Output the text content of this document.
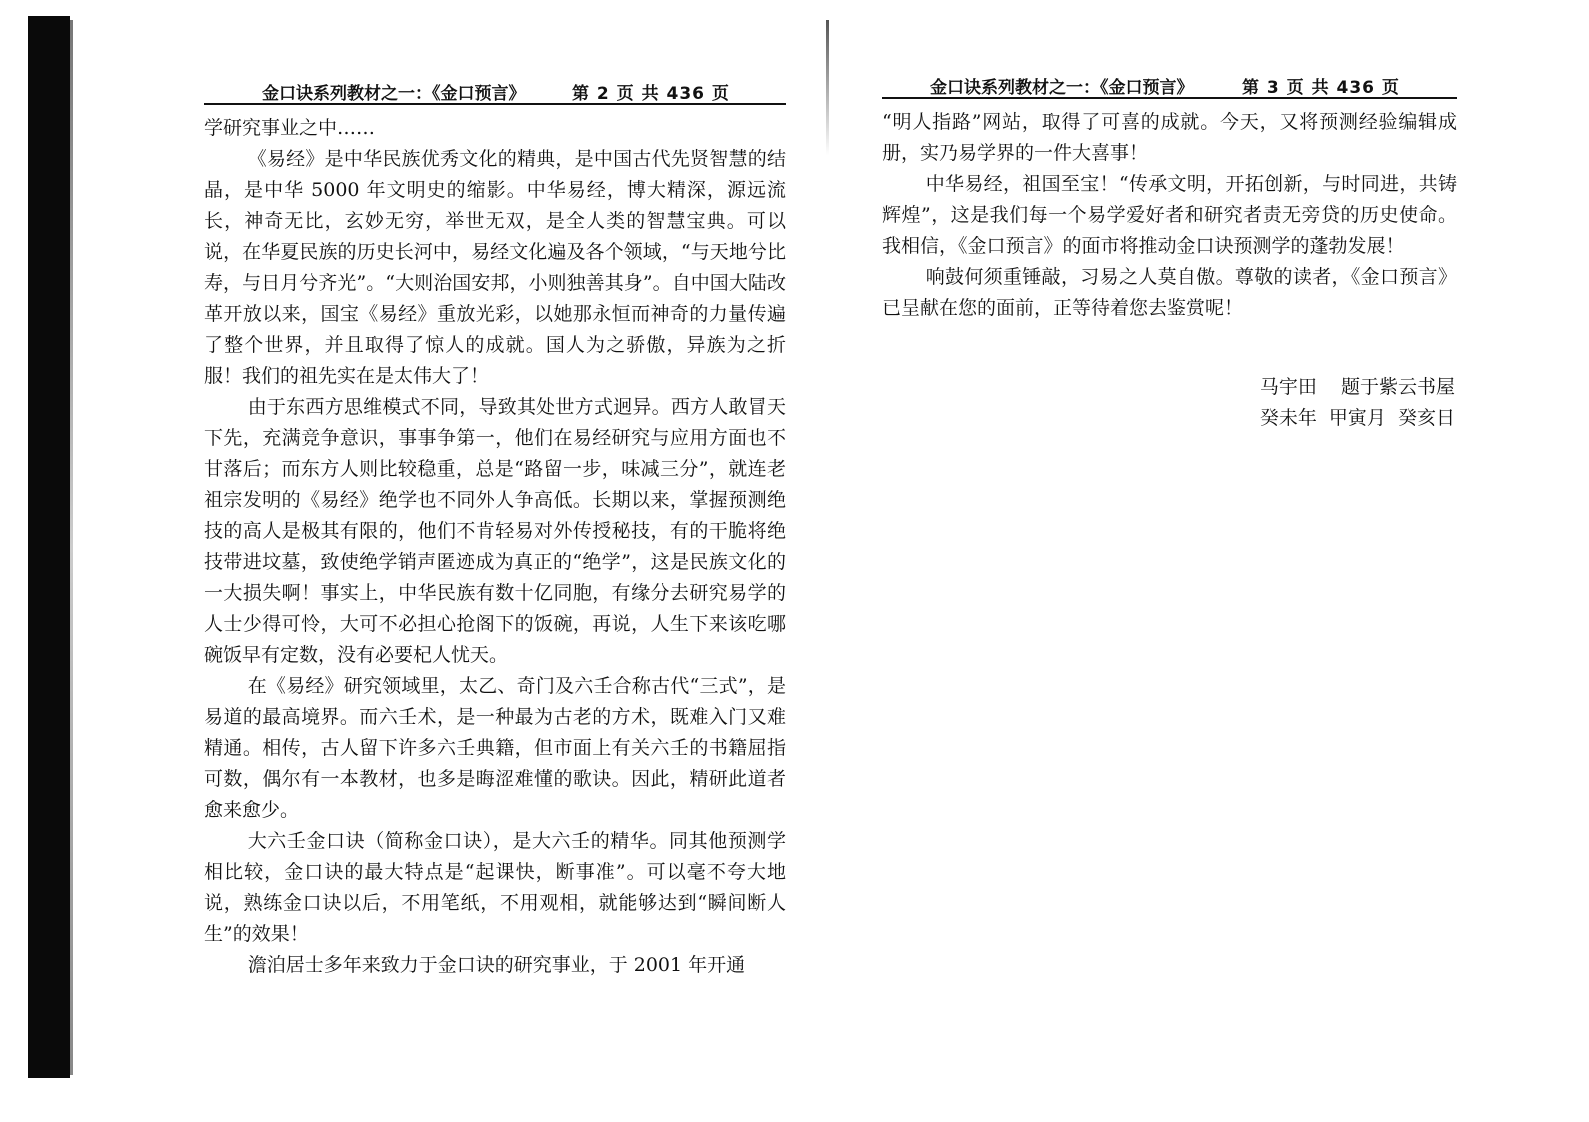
金口诀系列教材之一：《金口预言》	第 2 页 共 436 页

学研究事业之中……

《易经》是中华民族优秀文化的精典，是中国古代先贤智慧的结晶，是中华 5000 年文明史的缩影。中华易经，博大精深，源远流长，神奇无比，玄妙无穷，举世无双，是全人类的智慧宝典。可以说，在华夏民族的历史长河中，易经文化遍及各个领域，“与天地兮比寿，与日月兮齐光”。“大则治国安邦，小则独善其身”。自中国大陆改革开放以来，国宝《易经》重放光彩，以她那永恒而神奇的力量传遍了整个世界，并且取得了惊人的成就。国人为之骄傲，异族为之折服！我们的祖先实在是太伟大了！

由于东西方思维模式不同，导致其处世方式迥异。西方人敢冒天下先，充满竞争意识，事事争第一，他们在易经研究与应用方面也不甘落后；而东方人则比较稳重，总是“路留一步，味减三分”，就连老祖宗发明的《易经》绝学也不同外人争高低。长期以来，掌握预测绝技的高人是极其有限的，他们不肯轻易对外传授秘技，有的干脆将绝技带进坟墓，致使绝学销声匿迹成为真正的“绝学”，这是民族文化的一大损失啊！事实上，中华民族有数十亿同胞，有缘分去研究易学的人士少得可怜，大可不必担心抢阁下的饭碗，再说，人生下来该吃哪碗饭早有定数，没有必要杞人忧天。

在《易经》研究领域里，太乙、奇门及六壬合称古代“三式”，是易道的最高境界。而六壬术，是一种最为古老的方术，既难入门又难精通。相传，古人留下许多六壬典籍，但市面上有关六壬的书籍屈指可数，偶尔有一本教材，也多是晦涩难懂的歌诀。因此，精研此道者愈来愈少。

大六壬金口诀（简称金口诀），是大六壬的精华。同其他预测学相比较，金口诀的最大特点是“起课快，断事准”。可以毫不夸大地说，熟练金口诀以后，不用笔纸，不用观相，就能够达到“瞬间断人生”的效果！

澹泊居士多年来致力于金口诀的研究事业，于 2001 年开通

金口诀系列教材之一：《金口预言》	第 3 页 共 436 页

“明人指路”网站，取得了可喜的成就。今天，又将预测经验编辑成册，实乃易学界的一件大喜事！

中华易经，祖国至宝！“传承文明，开拓创新，与时同进，共铸辉煌”，这是我们每一个易学爱好者和研究者责无旁贷的历史使命。我相信，《金口预言》的面市将推动金口诀预测学的蓬勃发展！

响鼓何须重锤敲，习易之人莫自傲。尊敬的读者，《金口预言》已呈献在您的面前，正等待着您去鉴赏呢！

马宇田    题于紫云书屋
癸未年  甲寅月  癸亥日
